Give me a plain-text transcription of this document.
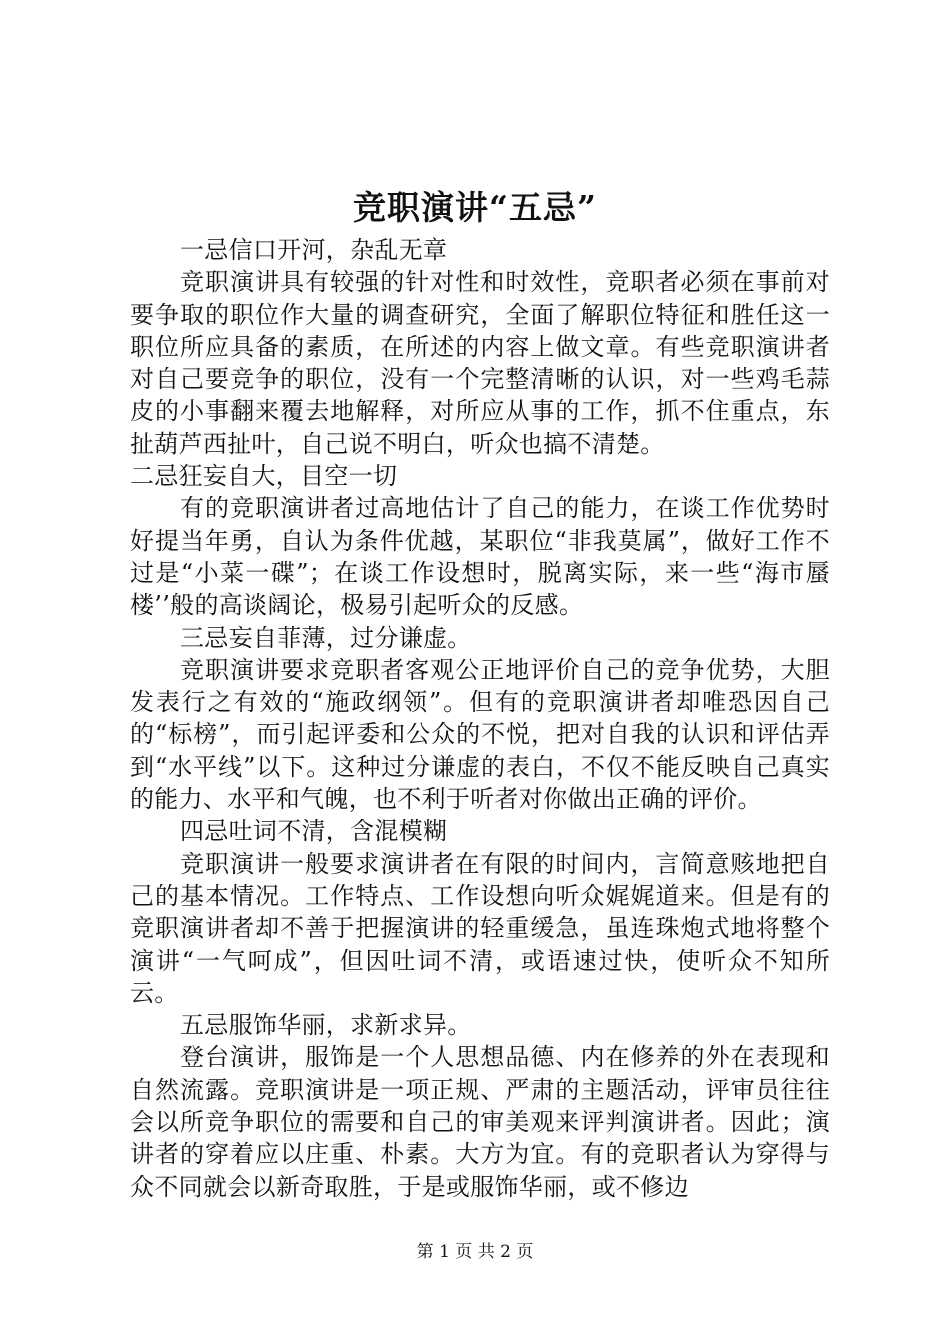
竞职演讲“五忌”

一忌信口开河，杂乱无章

竞职演讲具有较强的针对性和时效性，竞职者必须在事前对要争取的职位作大量的调查研究，全面了解职位特征和胜任这一职位所应具备的素质，在所述的内容上做文章。有些竞职演讲者对自己要竞争的职位，没有一个完整清晰的认识，对一些鸡毛蒜皮的小事翻来覆去地解释，对所应从事的工作，抓不住重点，东扯葫芦西扯叶，自己说不明白，听众也搞不清楚。

二忌狂妄自大，目空一切

有的竞职演讲者过高地估计了自己的能力，在谈工作优势时好提当年勇，自认为条件优越，某职位“非我莫属”，做好工作不过是“小菜一碟”；在谈工作设想时，脱离实际，来一些“海市蜃楼’’般的高谈阔论，极易引起听众的反感。

三忌妄自菲薄，过分谦虚。

竞职演讲要求竞职者客观公正地评价自己的竞争优势，大胆发表行之有效的“施政纲领”。但有的竞职演讲者却唯恐因自己的“标榜”，而引起评委和公众的不悦，把对自我的认识和评估弄到“水平线”以下。这种过分谦虚的表白，不仅不能反映自己真实的能力、水平和气魄，也不利于听者对你做出正确的评价。

四忌吐词不清，含混模糊

竞职演讲一般要求演讲者在有限的时间内，言简意赅地把自己的基本情况。工作特点、工作设想向听众娓娓道来。但是有的竞职演讲者却不善于把握演讲的轻重缓急，虽连珠炮式地将整个演讲“一气呵成”，但因吐词不清，或语速过快，使听众不知所云。

五忌服饰华丽，求新求异。

登台演讲，服饰是一个人思想品德、内在修养的外在表现和自然流露。竞职演讲是一项正规、严肃的主题活动，评审员往往会以所竞争职位的需要和自己的审美观来评判演讲者。因此；演讲者的穿着应以庄重、朴素。大方为宜。有的竞职者认为穿得与众不同就会以新奇取胜，于是或服饰华丽，或不修边

第 1 页 共 2 页
